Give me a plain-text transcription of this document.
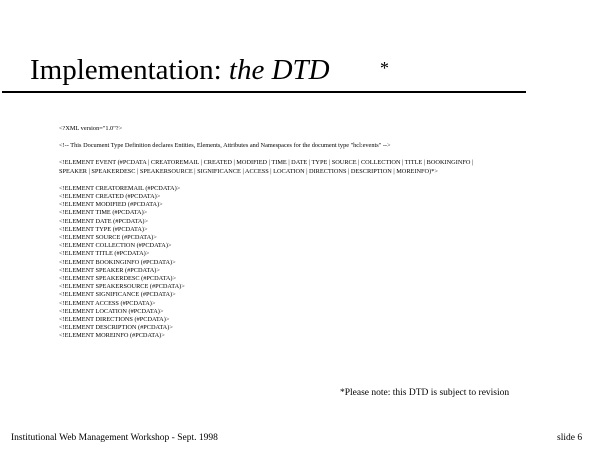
Implementation: the DTD	*
<?XML version="1.0"?>
<!-- This Document Type Definition declares Entities, Elements, Attributes and Namespaces for the document type "hcl:events" -->
<!ELEMENT EVENT (#PCDATA | CREATOREMAIL | CREATED | MODIFIED | TIME | DATE | TYPE | SOURCE | COLLECTION | TITLE | BOOKINGINFO | SPEAKER | SPEAKERDESC | SPEAKERSOURCE | SIGNIFICANCE | ACCESS | LOCATION | DIRECTIONS | DESCRIPTION | MOREINFO)*>
<!ELEMENT CREATOREMAIL (#PCDATA)>
<!ELEMENT CREATED (#PCDATA)>
<!ELEMENT MODIFIED (#PCDATA)>
<!ELEMENT TIME (#PCDATA)>
<!ELEMENT DATE (#PCDATA)>
<!ELEMENT TYPE (#PCDATA)>
<!ELEMENT SOURCE (#PCDATA)>
<!ELEMENT COLLECTION (#PCDATA)>
<!ELEMENT TITLE (#PCDATA)>
<!ELEMENT BOOKINGINFO (#PCDATA)>
<!ELEMENT SPEAKER (#PCDATA)>
<!ELEMENT SPEAKERDESC (#PCDATA)>
<!ELEMENT SPEAKERSOURCE (#PCDATA)>
<!ELEMENT SIGNIFICANCE (#PCDATA)>
<!ELEMENT ACCESS (#PCDATA)>
<!ELEMENT LOCATION (#PCDATA)>
<!ELEMENT DIRECTIONS (#PCDATA)>
<!ELEMENT DESCRIPTION (#PCDATA)>
<!ELEMENT MOREINFO (#PCDATA)>
*Please note: this DTD is subject to revision
Institutional Web Management Workshop - Sept. 1998	slide 6
